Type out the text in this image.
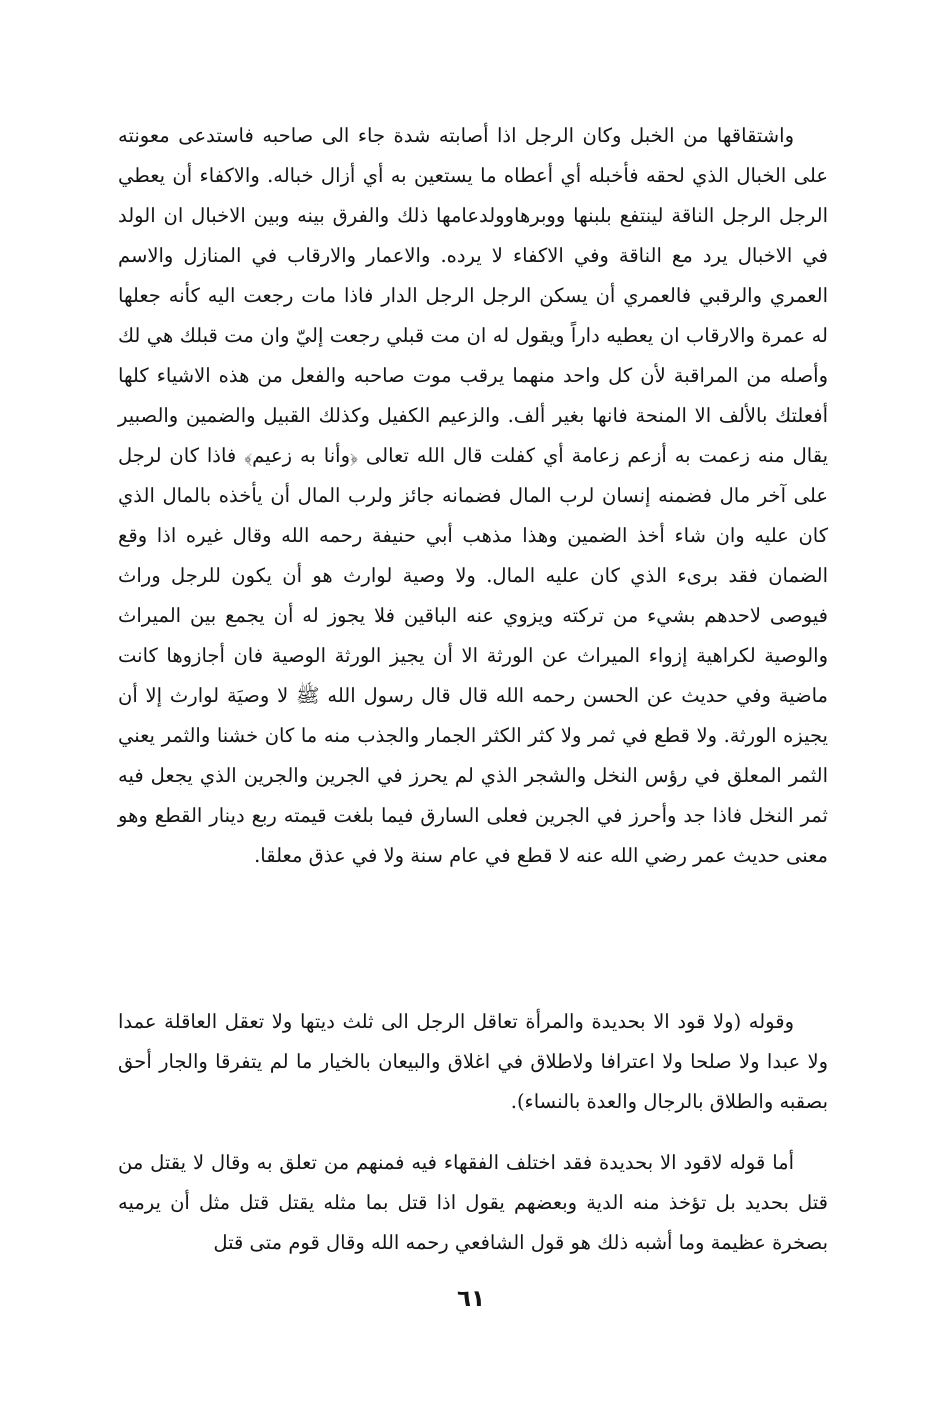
واشتقاقها من الخبل وكان الرجل اذا أصابته شدة جاء الى صاحبه فاستدعى معونته على الخبال الذي لحقه فأخبله أي أعطاه ما يستعين به أي أزال خباله. والاكفاء أن يعطي الرجل الرجل الناقة لينتفع بلبنها ووبرهاوولدعامها ذلك والفرق بينه وبين الاخبال ان الولد في الاخبال يرد مع الناقة وفي الاكفاء لا يرده. والاعمار والارقاب في المنازل والاسم العمري والرقبي فالعمري أن يسكن الرجل الرجل الدار فاذا مات رجعت اليه كأنه جعلها له عمرة والارقاب ان يعطيه داراً ويقول له ان مت قبلي رجعت إليّ وان مت قبلك هي لك وأصله من المراقبة لأن كل واحد منهما يرقب موت صاحبه والفعل من هذه الاشياء كلها أفعلتك بالألف الا المنحة فانها بغير ألف. والزعيم الكفيل وكذلك القبيل والضمين والصبير يقال منه زعمت به أزعم زعامة أي كفلت قال الله تعالى ﴿وأنا به زعيم﴾ فاذا كان لرجل على آخر مال فضمنه إنسان لرب المال فضمانه جائز ولرب المال أن يأخذه بالمال الذي كان عليه وان شاء أخذ الضمين وهذا مذهب أبي حنيفة رحمه الله وقال غيره اذا وقع الضمان فقد برىء الذي كان عليه المال. ولا وصية لوارث هو أن يكون للرجل وراث فيوصى لاحدهم بشيء من تركته ويزوي عنه الباقين فلا يجوز له أن يجمع بين الميراث والوصية لكراهية إزواء الميراث عن الورثة الا أن يجيز الورثة الوصية فان أجازوها كانت ماضية وفي حديث عن الحسن رحمه الله قال قال رسول الله ﷺ لا وصيَة لوارث إلا أن يجيزه الورثة. ولا قطع في ثمر ولا كثر الكثر الجمار والجذب منه ما كان خشنا والثمر يعني الثمر المعلق في رؤس النخل والشجر الذي لم يحرز في الجرين والجرين الذي يجعل فيه ثمر النخل فاذا جد وأحرز في الجرين فعلى السارق فيما بلغت قيمته ربع دينار القطع وهو معنى حديث عمر رضي الله عنه لا قطع في عام سنة ولا في عذق معلقا.

وقوله (ولا قود الا بحديدة والمرأة تعاقل الرجل الى ثلث ديتها ولا تعقل العاقلة عمدا ولا عبدا ولا صلحا ولا اعترافا ولاطلاق في اغلاق والبيعان بالخيار ما لم يتفرقا والجار أحق بصقبه والطلاق بالرجال والعدة بالنساء).

أما قوله لاقود الا بحديدة فقد اختلف الفقهاء فيه فمنهم من تعلق به وقال لا يقتل من قتل بحديد بل تؤخذ منه الدية وبعضهم يقول اذا قتل بما مثله يقتل قتل مثل أن يرميه بصخرة عظيمة وما أشبه ذلك هو قول الشافعي رحمه الله وقال قوم متى قتل

٦١
